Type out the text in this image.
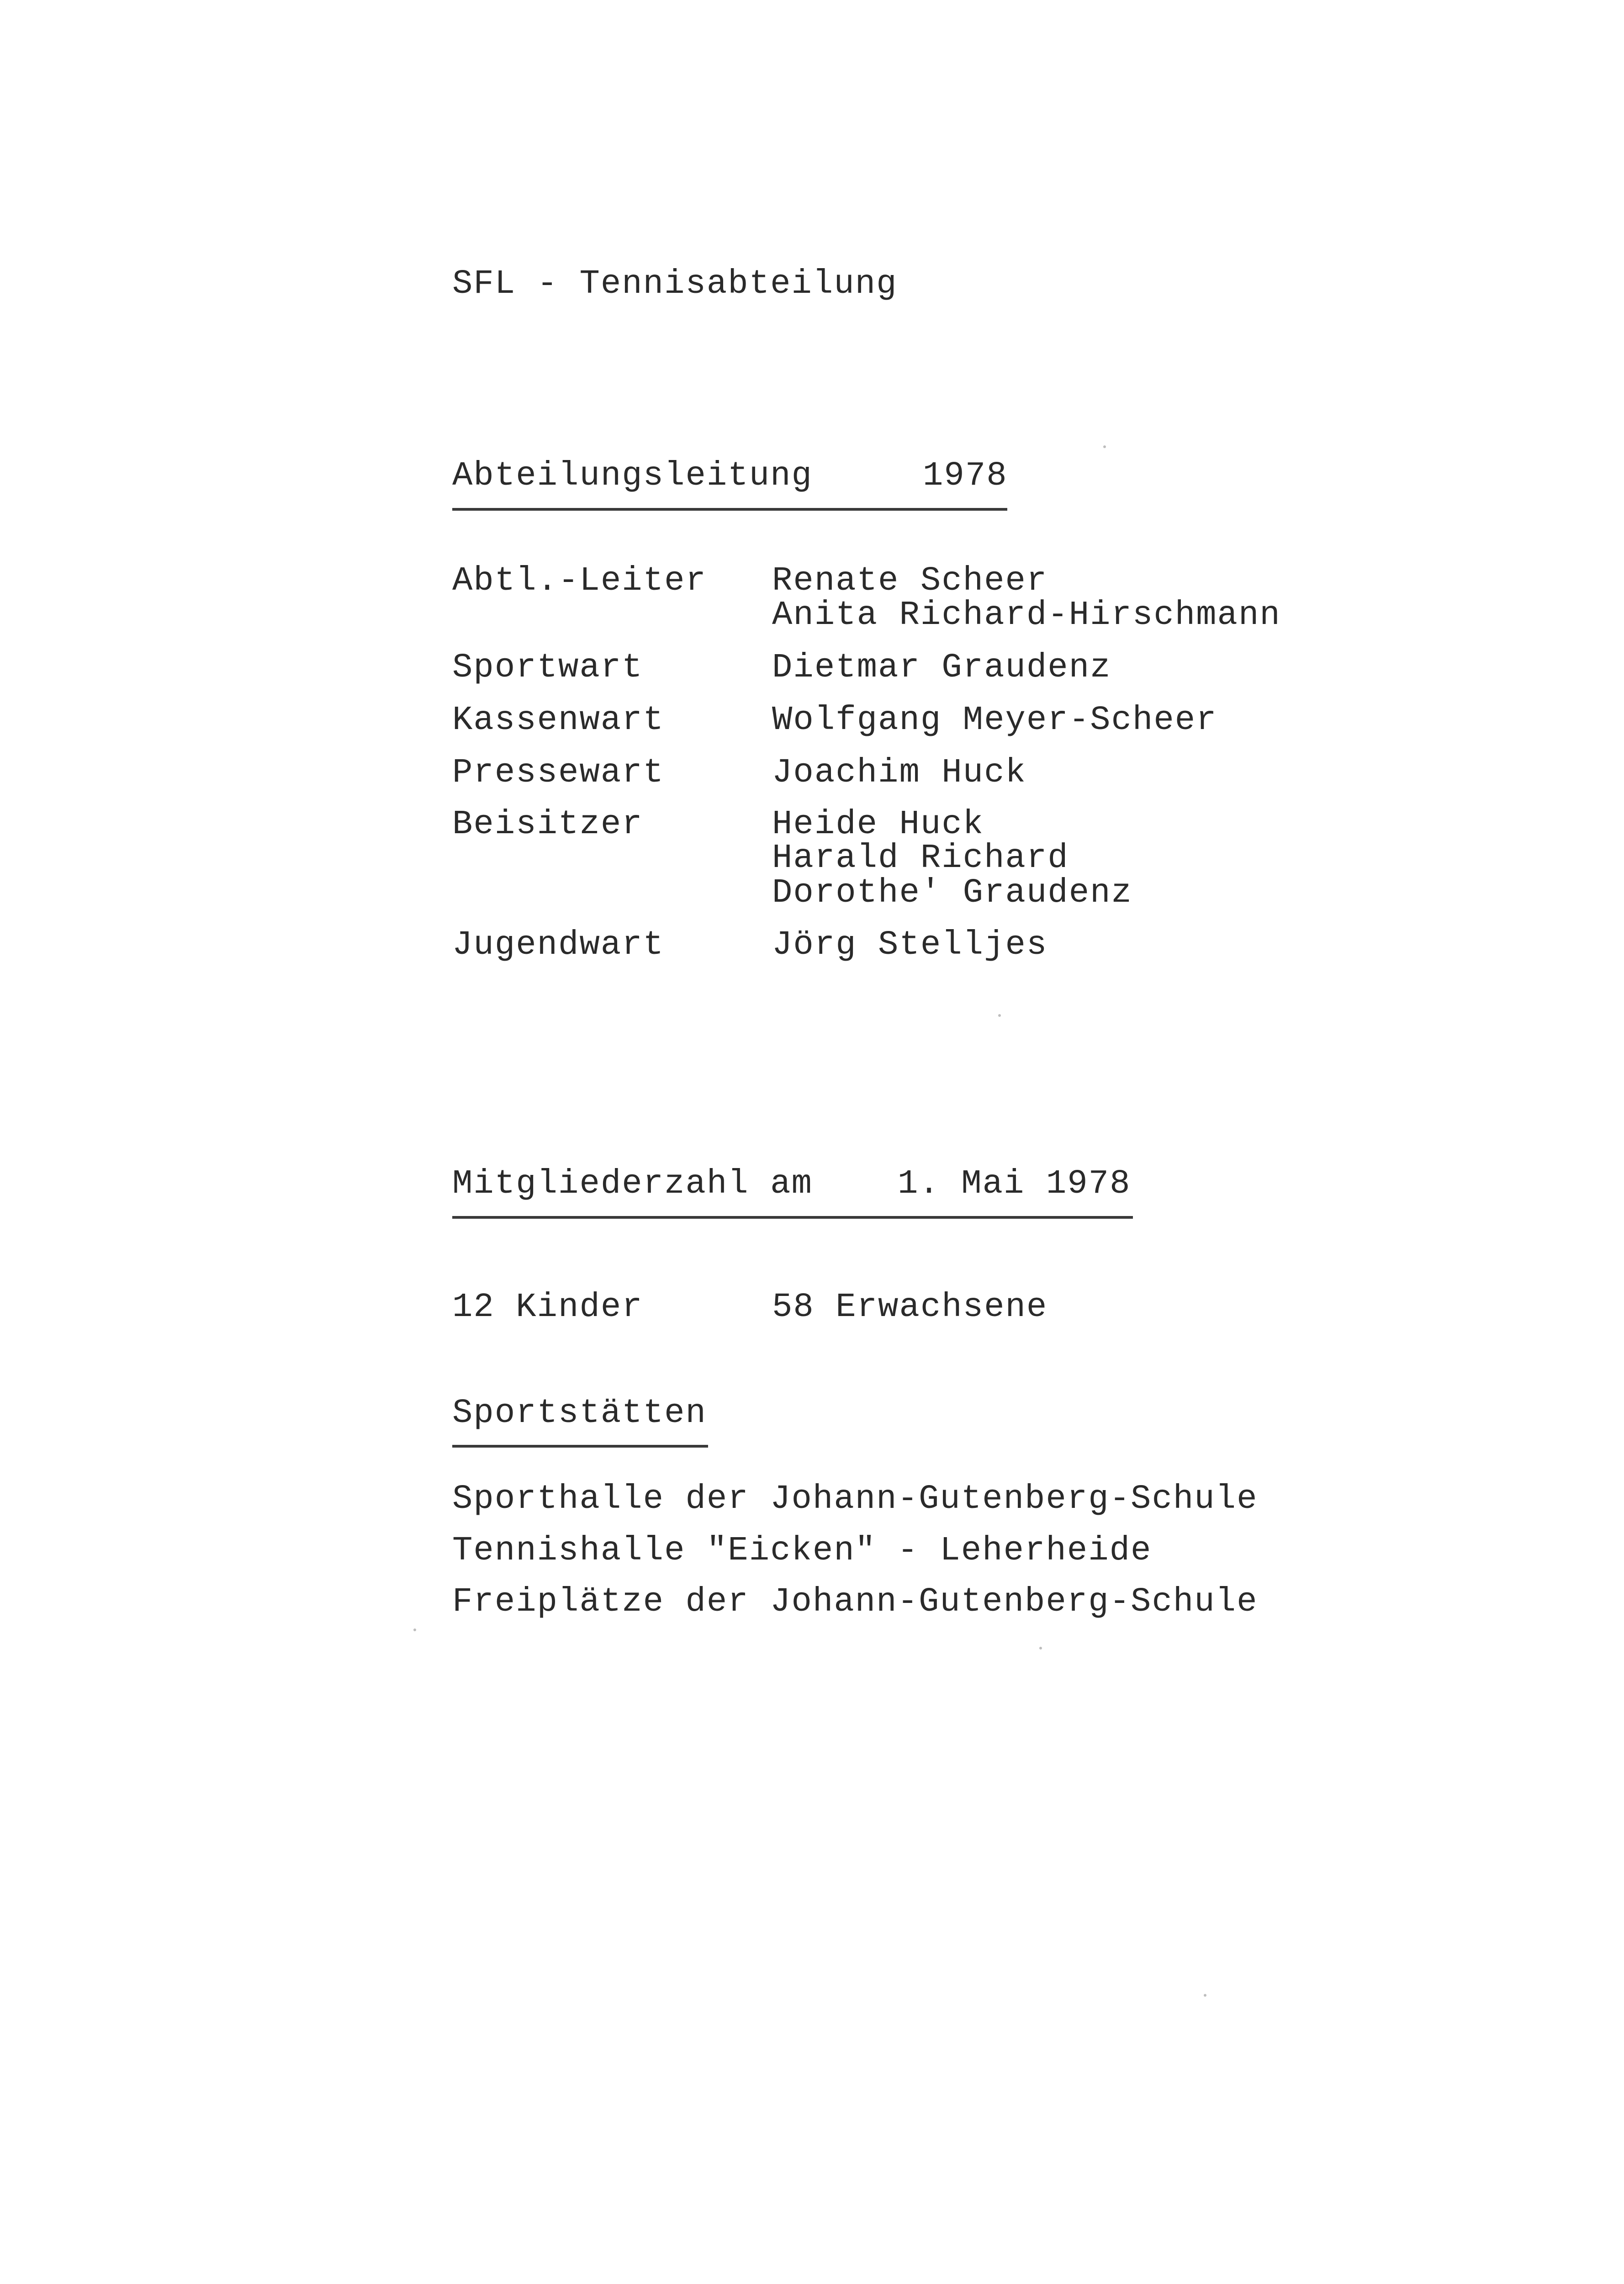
SFL - Tennisabteilung
Abteilungsleitung	1978
Abtl.-Leiter Renate Scheer
Anita Richard-Hirschmann
Sportwart	Dietmar Graudenz
Kassenwart	Wolfgang Meyer-Scheer
Pressewart	Joachim Huck
Beisitzer	Heide Huck
Harald Richard
Dorothe' Graudenz
Jugendwart	Jörg Stelljes
Mitgliederzahl am	1. Mai 1978
12 Kinder	58 Erwachsene
Sportstätten
Sporthalle der Johann-Gutenberg-Schule
Tennishalle "Eicken" - Leherheide
Freiplätze der Johann-Gutenberg-Schule
